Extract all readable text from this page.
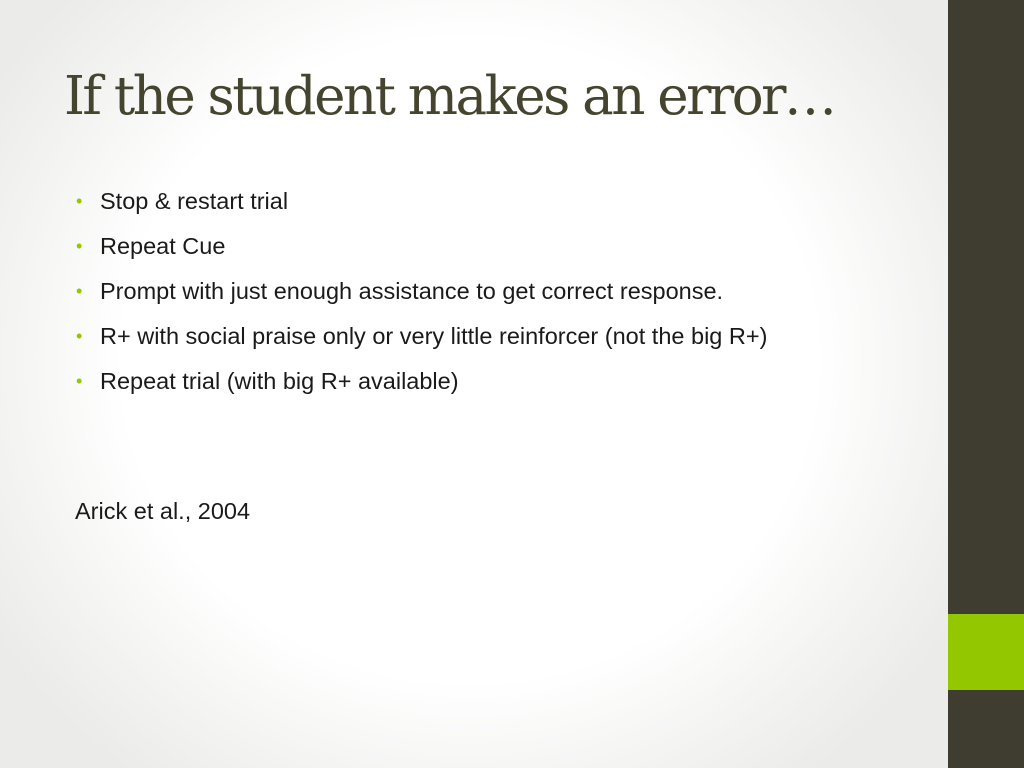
If the student makes an error…
• Stop & restart trial
• Repeat Cue
• Prompt with just enough assistance to get correct response.
• R+ with social praise only or very little reinforcer (not the big R+)
• Repeat trial (with big R+ available)

Arick et al., 2004
